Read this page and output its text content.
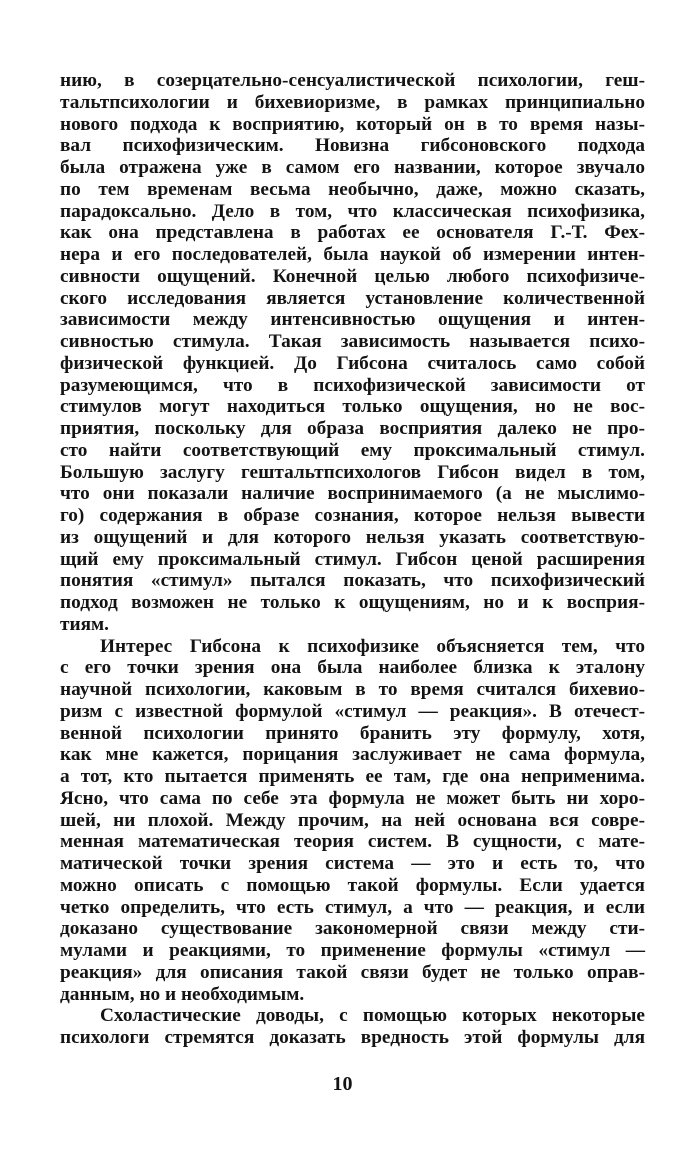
нию, в созерцательно-сенсуалистической психологии, геш-
тальтпсихологии и бихевиоризме, в рамках принципиально
нового подхода к восприятию, который он в то время назы-
вал психофизическим. Новизна гибсоновского подхода
была отражена уже в самом его названии, которое звучало
по тем временам весьма необычно, даже, можно сказать,
парадоксально. Дело в том, что классическая психофизика,
как она представлена в работах ее основателя Г.-Т. Фех-
нера и его последователей, была наукой об измерении интен-
сивности ощущений. Конечной целью любого психофизиче-
ского исследования является установление количественной
зависимости между интенсивностью ощущения и интен-
сивностью стимула. Такая зависимость называется психо-
физической функцией. До Гибсона считалось само собой
разумеющимся, что в психофизической зависимости от
стимулов могут находиться только ощущения, но не вос-
приятия, поскольку для образа восприятия далеко не про-
сто найти соответствующий ему проксимальный стимул.
Большую заслугу гештальтпсихологов Гибсон видел в том,
что они показали наличие воспринимаемого (а не мыслимо-
го) содержания в образе сознания, которое нельзя вывести
из ощущений и для которого нельзя указать соответствую-
щий ему проксимальный стимул. Гибсон ценой расширения
понятия «стимул» пытался показать, что психофизический
подход возможен не только к ощущениям, но и к восприя-
тиям.
Интерес Гибсона к психофизике объясняется тем, что
с его точки зрения она была наиболее близка к эталону
научной психологии, каковым в то время считался бихевио-
ризм с известной формулой «стимул — реакция». В отечест-
венной психологии принято бранить эту формулу, хотя,
как мне кажется, порицания заслуживает не сама формула,
а тот, кто пытается применять ее там, где она неприменима.
Ясно, что сама по себе эта формула не может быть ни хоро-
шей, ни плохой. Между прочим, на ней основана вся совре-
менная математическая теория систем. В сущности, с мате-
матической точки зрения система — это и есть то, что
можно описать с помощью такой формулы. Если удается
четко определить, что есть стимул, а что — реакция, и если
доказано существование закономерной связи между сти-
мулами и реакциями, то применение формулы «стимул —
реакция» для описания такой связи будет не только оправ-
данным, но и необходимым.
Схоластические доводы, с помощью которых некоторые
психологи стремятся доказать вредность этой формулы для
10
